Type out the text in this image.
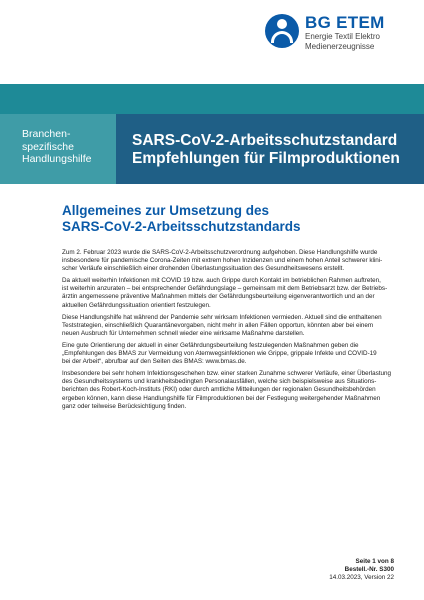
BG ETEM
Energie Textil Elektro
Medienerzeugnisse
Branchen-
spezifische
Handlungshilfe
SARS-CoV-2-Arbeitsschutzstandard
Empfehlungen für Filmproduktionen
Allgemeines zur Umsetzung des
SARS-CoV-2-Arbeitsschutzstandards

Zum 2. Februar 2023 wurde die SARS-CoV-2-Arbeitsschutzverordnung aufgehoben. Diese Handlungshilfe wurde
insbesondere für pandemische Corona-Zeiten mit extrem hohen Inzidenzen und einem hohen Anteil schwerer klini-
scher Verläufe einschließlich einer drohenden Überlastungssituation des Gesundheitswesens erstellt.

Da aktuell weiterhin Infektionen mit COVID 19 bzw. auch Grippe durch Kontakt im betrieblichen Rahmen auftreten,
ist weiterhin anzuraten – bei entsprechender Gefährdungslage – gemeinsam mit dem Betriebsarzt bzw. der Betriebs-
ärztin angemessene präventive Maßnahmen mittels der Gefährdungsbeurteilung eigenverantwortlich und an der
aktuellen Gefährdungssituation orientiert festzulegen.

Diese Handlungshilfe hat während der Pandemie sehr wirksam Infektionen vermieden. Aktuell sind die enthaltenen
Teststrategien, einschließlich Quarantänevorgaben, nicht mehr in allen Fällen opportun, könnten aber bei einem
neuen Ausbruch für Unternehmen schnell wieder eine wirksame Maßnahme darstellen.

Eine gute Orientierung der aktuell in einer Gefährdungsbeurteilung festzulegenden Maßnahmen geben die
„Empfehlungen des BMAS zur Vermeidung von Atemwegsinfektionen wie Grippe, grippale Infekte und COVID-19
bei der Arbeit“, abrufbar auf den Seiten des BMAS: www.bmas.de.

Insbesondere bei sehr hohem Infektionsgeschehen bzw. einer starken Zunahme schwerer Verläufe, einer Überlastung
des Gesundheitssystems und krankheitsbedingten Personalausfällen, welche sich beispielsweise aus Situations-
berichten des Robert-Koch-Instituts (RKI) oder durch amtliche Mitteilungen der regionalen Gesundheitsbehörden
ergeben können, kann diese Handlungshilfe für Filmproduktionen bei der Festlegung weitergehender Maßnahmen
ganz oder teilweise Berücksichtigung finden.

Seite 1 von 8
Bestell.-Nr. S300
14.03.2023, Version 22
